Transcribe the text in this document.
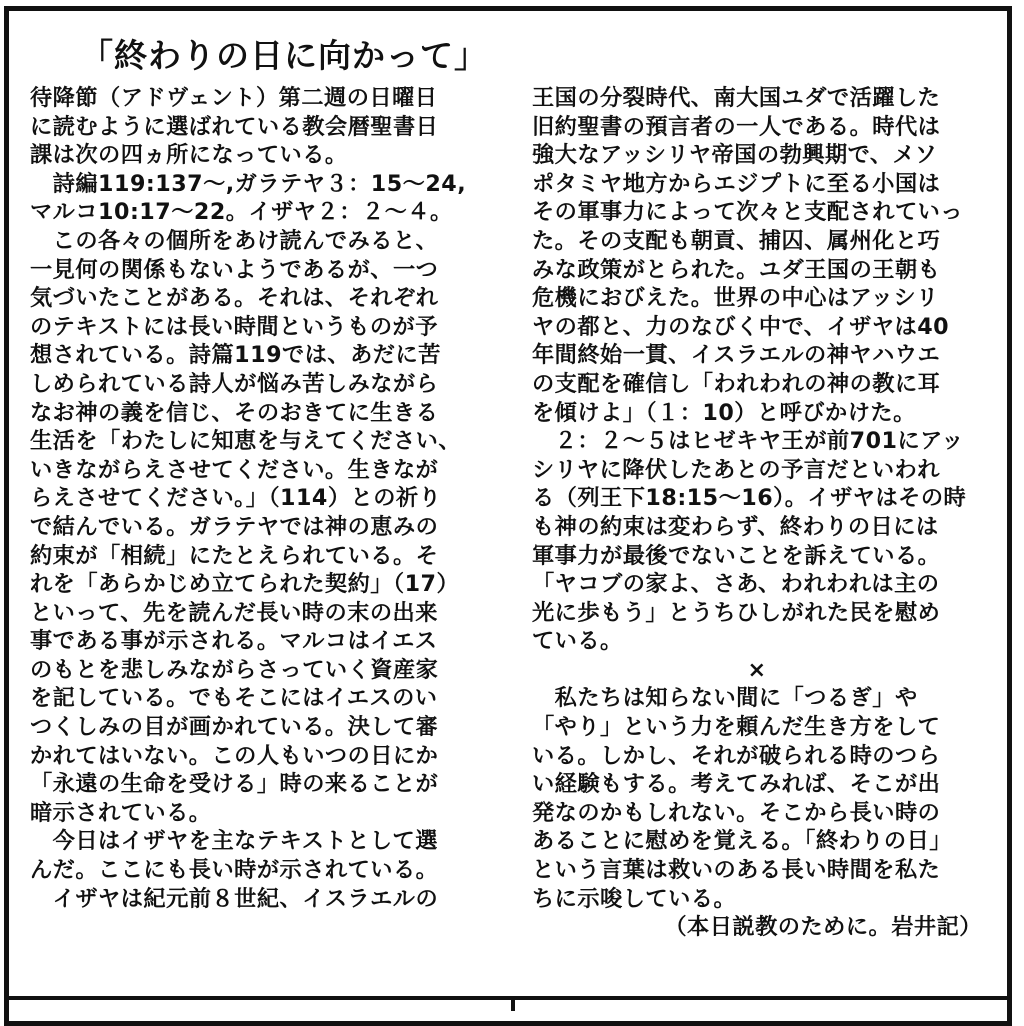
「終わりの日に向かって」
待降節（アドヴェント）第二週の日曜日
に読むように選ばれている教会暦聖書日
課は次の四ヵ所になっている。
　詩編119:137〜,ガラテヤ３：15〜24,
マルコ10:17〜22。イザヤ２：２〜４。
　この各々の個所をあけ読んでみると、
一見何の関係もないようであるが、一つ
気づいたことがある。それは、それぞれ
のテキストには長い時間というものが予
想されている。詩篇119では、あだに苦
しめられている詩人が悩み苦しみながら
なお神の義を信じ、そのおきてに生きる
生活を「わたしに知恵を与えてください、
いきながらえさせてください。生きなが
らえさせてください。」（114）との祈り
で結んでいる。ガラテヤでは神の恵みの
約束が「相続」にたとえられている。そ
れを「あらかじめ立てられた契約」（17）
といって、先を読んだ長い時の末の出来
事である事が示される。マルコはイエス
のもとを悲しみながらさっていく資産家
を記している。でもそこにはイエスのい
つくしみの目が画かれている。決して審
かれてはいない。この人もいつの日にか
「永遠の生命を受ける」時の来ることが
暗示されている。
　今日はイザヤを主なテキストとして選
んだ。ここにも長い時が示されている。
　イザヤは紀元前８世紀、イスラエルの
王国の分裂時代、南大国ユダで活躍した
旧約聖書の預言者の一人である。時代は
強大なアッシリヤ帝国の勃興期で、メソ
ポタミヤ地方からエジプトに至る小国は
その軍事力によって次々と支配されていっ
た。その支配も朝貢、捕囚、属州化と巧
みな政策がとられた。ユダ王国の王朝も
危機におびえた。世界の中心はアッシリ
ヤの都と、力のなびく中で、イザヤは40
年間終始一貫、イスラエルの神ヤハウエ
の支配を確信し「われわれの神の教に耳
を傾けよ」（１：10）と呼びかけた。
　２：２〜５はヒゼキヤ王が前701にアッ
シリヤに降伏したあとの予言だといわれ
る（列王下18:15〜16）。イザヤはその時
も神の約束は変わらず、終わりの日には
軍事力が最後でないことを訴えている。
「ヤコブの家よ、さあ、われわれは主の
光に歩もう」とうちひしがれた民を慰め
ている。
×
　私たちは知らない間に「つるぎ」や
「やり」という力を頼んだ生き方をして
いる。しかし、それが破られる時のつら
い経験もする。考えてみれば、そこが出
発なのかもしれない。そこから長い時の
あることに慰めを覚える。「終わりの日」
という言葉は救いのある長い時間を私た
ちに示唆している。
（本日説教のために。岩井記）
